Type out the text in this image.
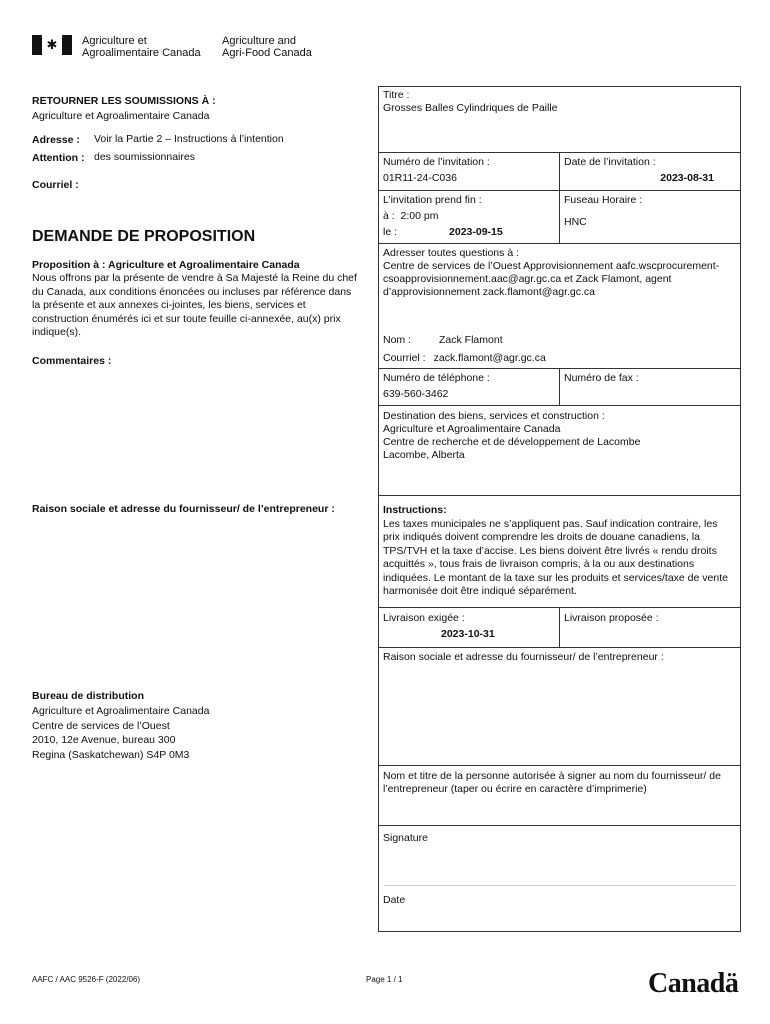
✱ Agriculture et
Agroalimentaire Canada
Agriculture and
Agri-Food Canada
RETOURNER LES SOUMISSIONS À :
Agriculture et Agroalimentaire Canada
Adresse : Voir la Partie 2 – Instructions à l’intention
Attention : des soumissionnaires
Courriel :
DEMANDE DE PROPOSITION
Proposition à : Agriculture et Agroalimentaire Canada
Nous offrons par la présente de vendre à Sa Majesté la Reine du chef du Canada, aux conditions énoncées ou incluses par référence dans la présente et aux annexes ci-jointes, les biens, services et construction énumérés ici et sur toute feuille ci-annexée, au(x) prix indique(s).
Commentaires :
Raison sociale et adresse du fournisseur/ de l’entrepreneur :
Bureau de distribution
Agriculture et Agroalimentaire Canada
Centre de services de l’Ouest
2010, 12e Avenue, bureau 300
Regina (Saskatchewan) S4P 0M3
Titre :
Grosses Balles Cylindriques de Paille
Numéro de l’invitation :
01R11-24-C036
Date de l’invitation :
2023-08-31
L’invitation prend fin :
à : 2:00 pm
le :	2023-09-15
Fuseau Horaire :
HNC
Adresser toutes questions à :
Centre de services de l’Ouest Approvisionnement aafc.wscprocurement-csoapprovisionnement.aac@agr.gc.ca et Zack Flamont, agent d’approvisionnement zack.flamont@agr.gc.ca
Nom :	Zack Flamont
Courriel : zack.flamont@agr.gc.ca
Numéro de téléphone :
639-560-3462
Numéro de fax :
Destination des biens, services et construction :
Agriculture et Agroalimentaire Canada
Centre de recherche et de développement de Lacombe
Lacombe, Alberta
Instructions:
Les taxes municipales ne s’appliquent pas. Sauf indication contraire, les prix indiqués doivent comprendre les droits de douane canadiens, la TPS/TVH et la taxe d’accise. Les biens doivent être livrés « rendu droits acquittés », tous frais de livraison compris, à la ou aux destinations indiquées. Le montant de la taxe sur les produits et services/taxe de vente harmonisée doit être indiqué séparément.
Livraison exigée :
2023-10-31
Livraison proposée :
Raison sociale et adresse du fournisseur/ de l’entrepreneur :
Nom et titre de la personne autorisée à signer au nom du fournisseur/ de l’entrepreneur (taper ou écrire en caractère d’imprimerie)
Signature
Date
AAFC / AAC 9526-F (2022/06)	Page 1 / 1	Canadä
